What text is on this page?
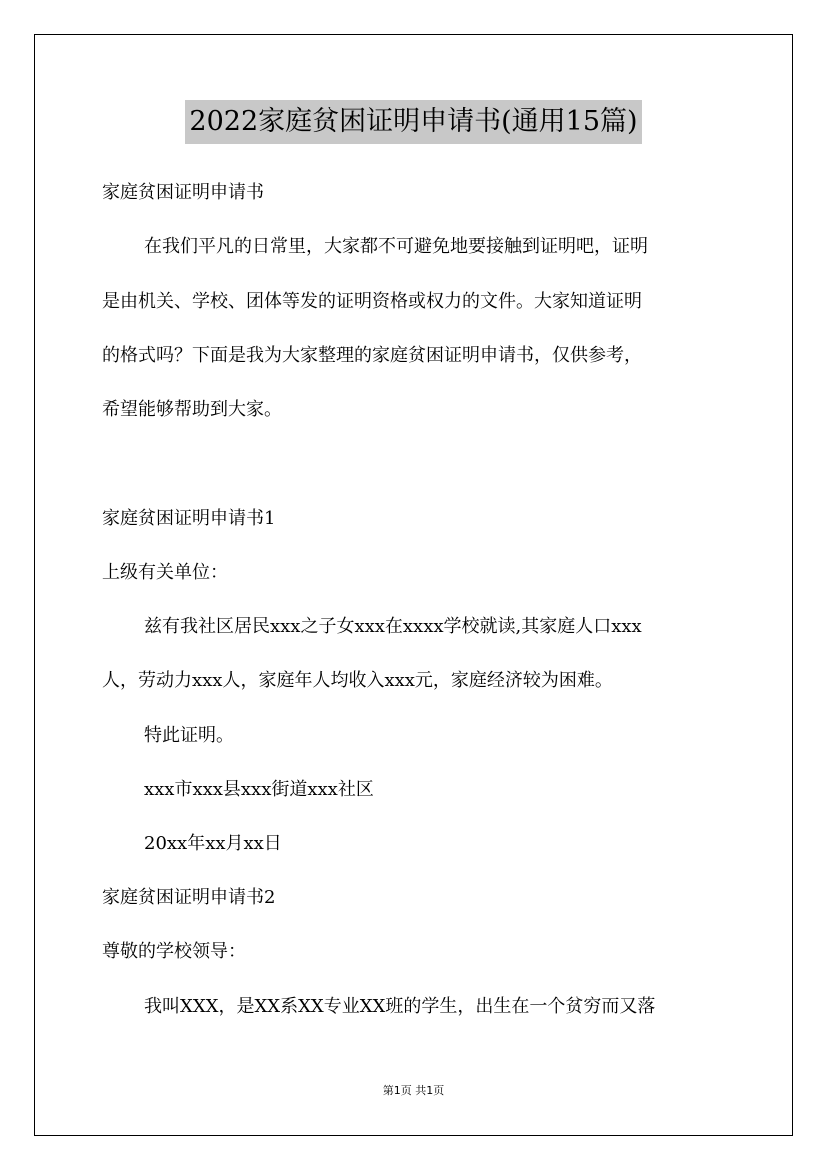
2022家庭贫困证明申请书(通用15篇)
家庭贫困证明申请书
在我们平凡的日常里，大家都不可避免地要接触到证明吧，证明
是由机关、学校、团体等发的证明资格或权力的文件。大家知道证明
的格式吗？下面是我为大家整理的家庭贫困证明申请书，仅供参考，
希望能够帮助到大家。
家庭贫困证明申请书1
上级有关单位：
兹有我社区居民xxx之子女xxx在xxxx学校就读,其家庭人口xxx
人，劳动力xxx人，家庭年人均收入xxx元，家庭经济较为困难。
特此证明。
xxx市xxx县xxx街道xxx社区
20xx年xx月xx日
家庭贫困证明申请书2
尊敬的学校领导：
我叫XXX，是XX系XX专业XX班的学生，出生在一个贫穷而又落
第1页 共1页
